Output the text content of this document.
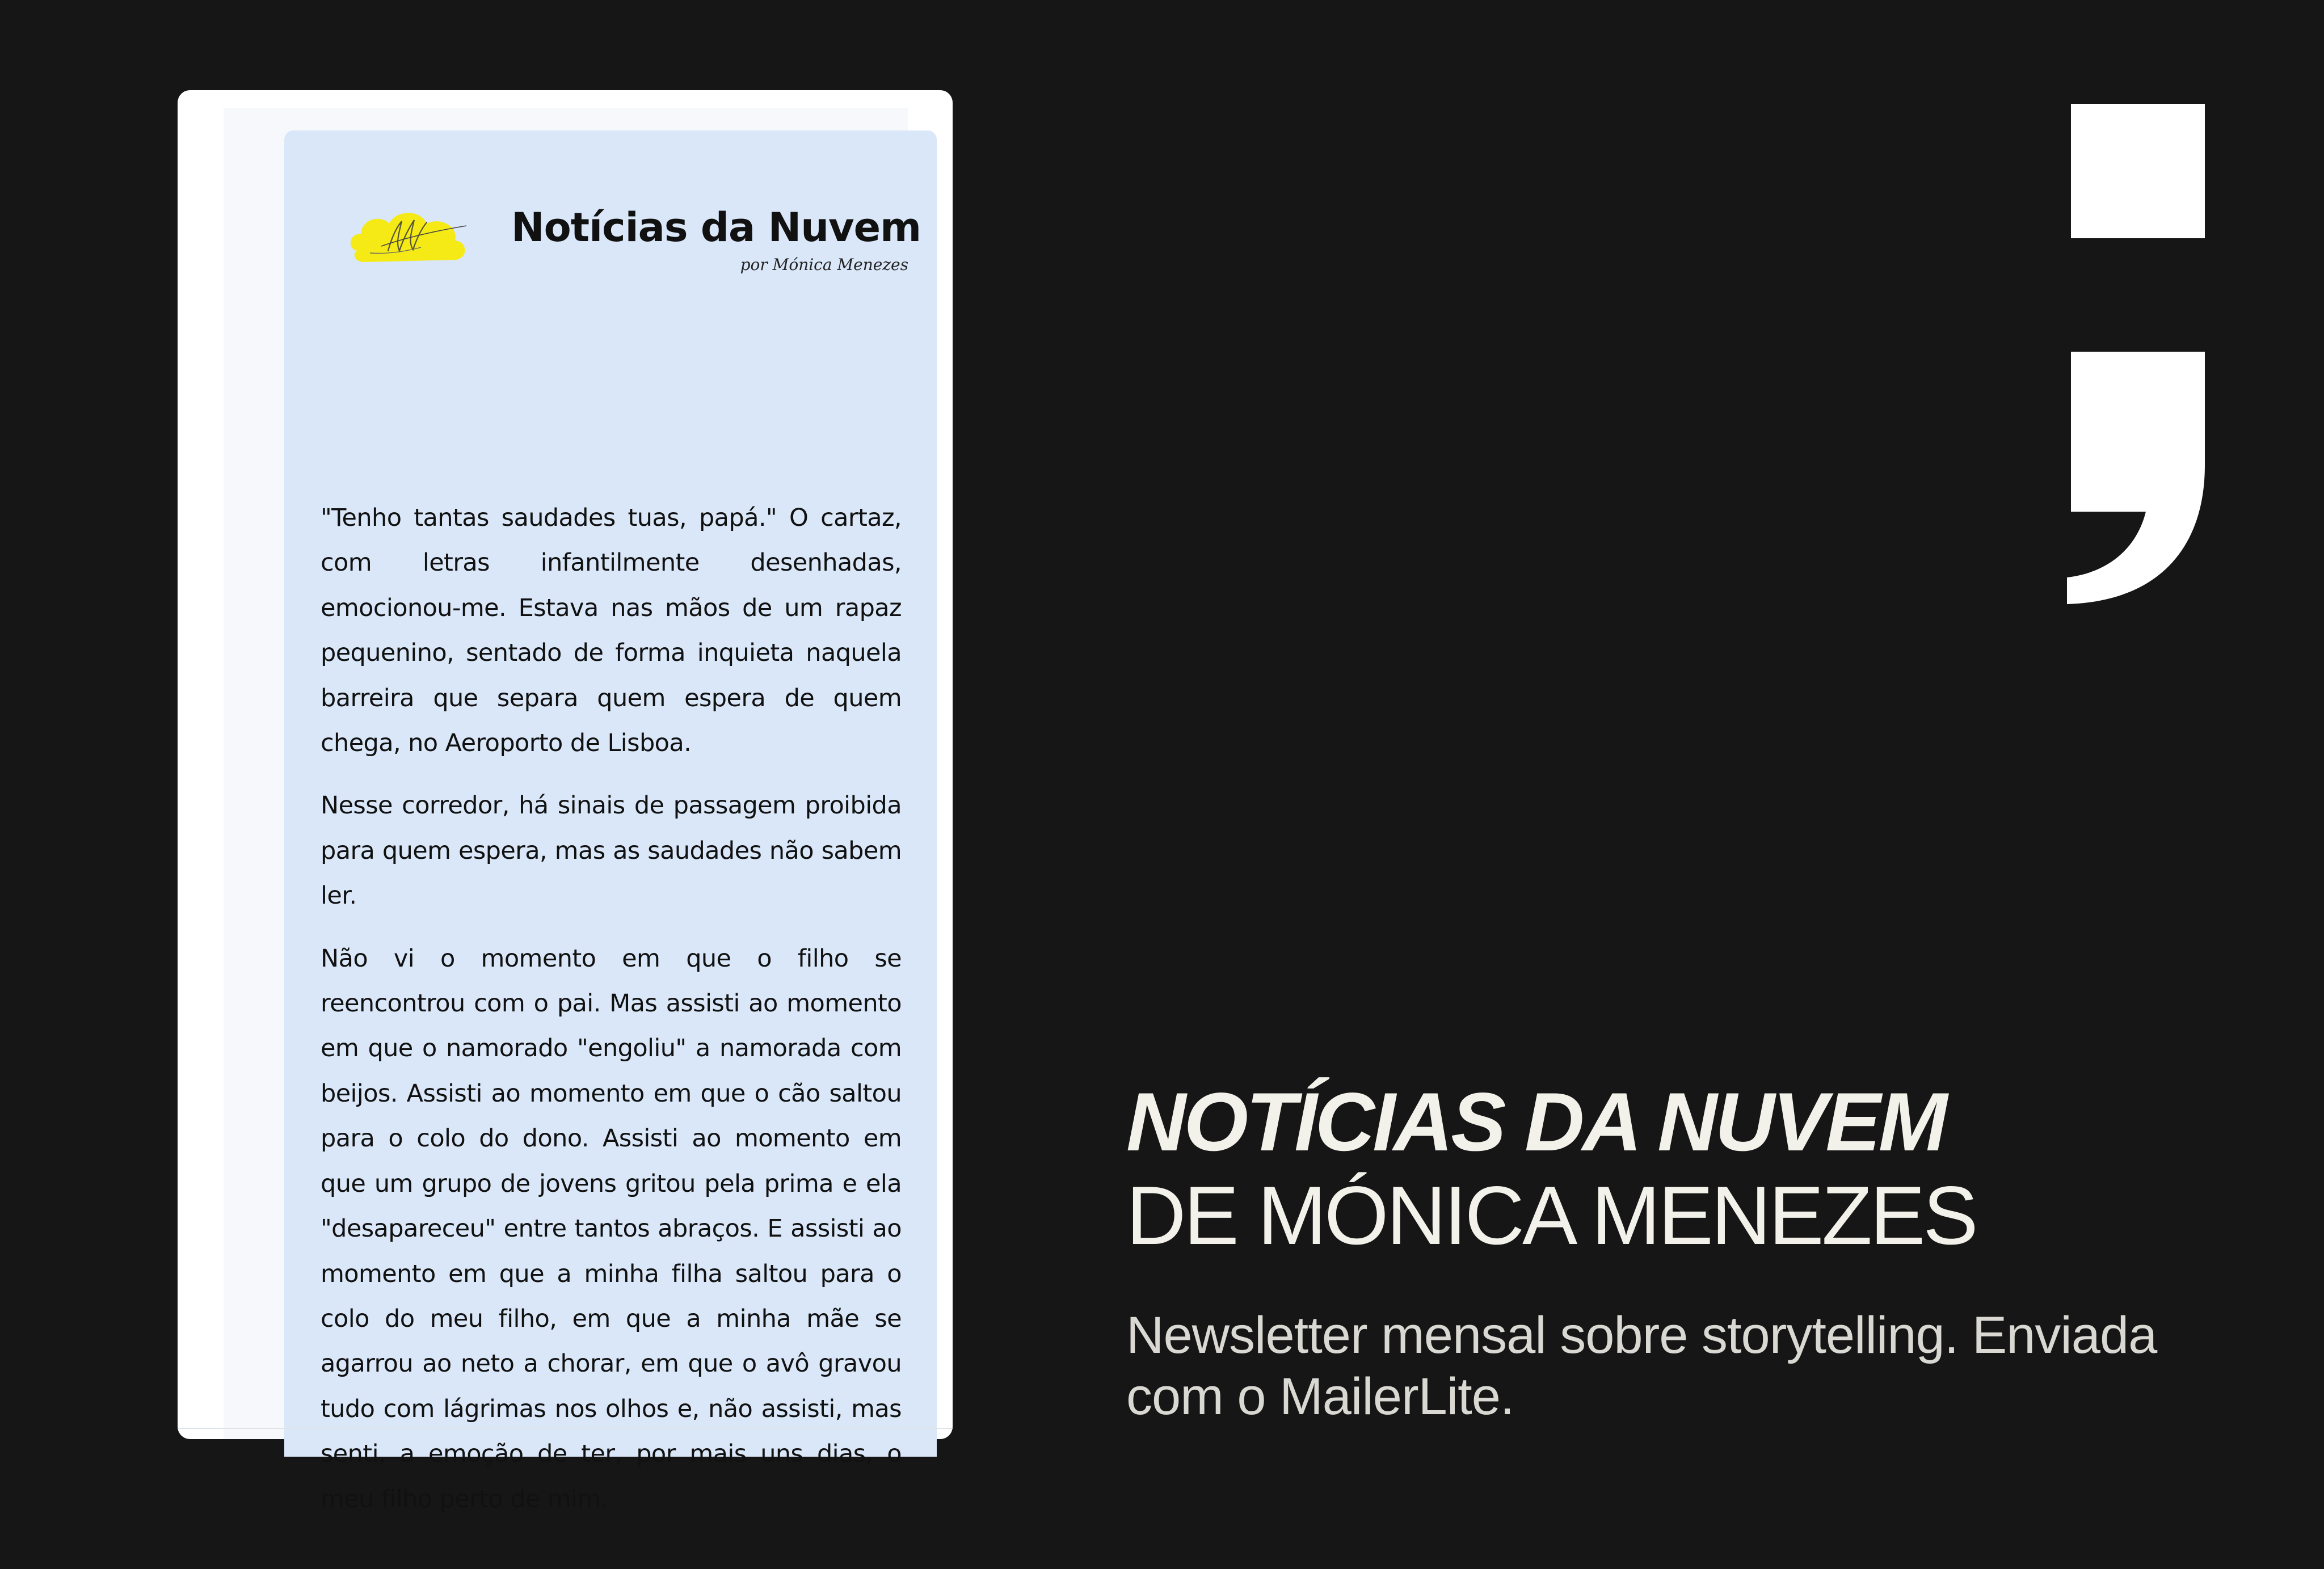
Notícias da Nuvem
por Mónica Menezes

"Tenho tantas saudades tuas, papá." O cartaz, com letras infantilmente desenhadas, emocionou-me. Estava nas mãos de um rapaz pequenino, sentado de forma inquieta naquela barreira que separa quem espera de quem chega, no Aeroporto de Lisboa.

Nesse corredor, há sinais de passagem proibida para quem espera, mas as saudades não sabem ler.

Não vi o momento em que o filho se reencontrou com o pai. Mas assisti ao momento em que o namorado "engoliu" a namorada com beijos. Assisti ao momento em que o cão saltou para o colo do dono. Assisti ao momento em que um grupo de jovens gritou pela prima e ela "desapareceu" entre tantos abraços. E assisti ao momento em que a minha filha saltou para o colo do meu filho, em que a minha mãe se agarrou ao neto a chorar, em que o avô gravou tudo com lágrimas nos olhos e, não assisti, mas senti, a emoção de ter, por mais uns dias, o meu filho perto de mim.

NOTÍCIAS DA NUVEM
DE MÓNICA MENEZES
Newsletter mensal sobre storytelling. Enviada com o MailerLite.
